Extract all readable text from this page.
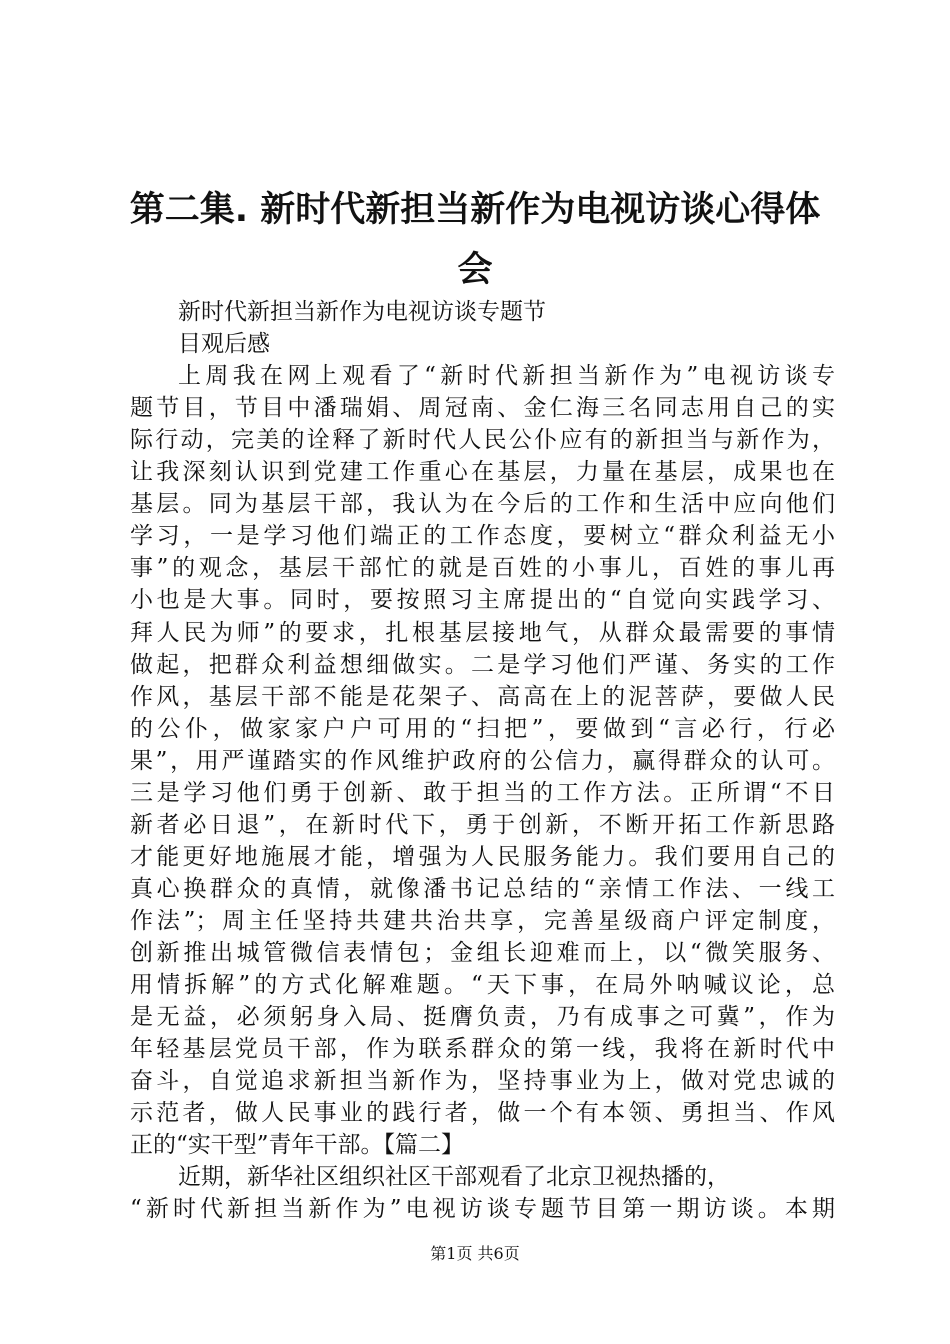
第二集. 新时代新担当新作为电视访谈心得体
会
新时代新担当新作为电视访谈专题节
目观后感
上周我在网上观看了“新时代新担当新作为”电视访谈专
题节目，节目中潘瑞娟、周冠南、金仁海三名同志用自己的实
际行动，完美的诠释了新时代人民公仆应有的新担当与新作为，
让我深刻认识到党建工作重心在基层，力量在基层，成果也在
基层。同为基层干部，我认为在今后的工作和生活中应向他们
学习，一是学习他们端正的工作态度，要树立“群众利益无小
事”的观念，基层干部忙的就是百姓的小事儿，百姓的事儿再
小也是大事。同时，要按照习主席提出的“自觉向实践学习、
拜人民为师”的要求，扎根基层接地气，从群众最需要的事情
做起，把群众利益想细做实。二是学习他们严谨、务实的工作
作风，基层干部不能是花架子、高高在上的泥菩萨，要做人民
的公仆，做家家户户可用的“扫把”，要做到“言必行，行必
果”，用严谨踏实的作风维护政府的公信力，赢得群众的认可。
三是学习他们勇于创新、敢于担当的工作方法。正所谓“不日
新者必日退”，在新时代下，勇于创新，不断开拓工作新思路
才能更好地施展才能，增强为人民服务能力。我们要用自己的
真心换群众的真情，就像潘书记总结的“亲情工作法、一线工
作法”；周主任坚持共建共治共享，完善星级商户评定制度，
创新推出城管微信表情包；金组长迎难而上，以“微笑服务、
用情拆解”的方式化解难题。“天下事，在局外呐喊议论，总
是无益，必须躬身入局、挺膺负责，乃有成事之可冀”，作为
年轻基层党员干部，作为联系群众的第一线，我将在新时代中
奋斗，自觉追求新担当新作为，坚持事业为上，做对党忠诚的
示范者，做人民事业的践行者，做一个有本领、勇担当、作风
正的“实干型”青年干部。【篇二】
近期，新华社区组织社区干部观看了北京卫视热播的，
“新时代新担当新作为”电视访谈专题节目第一期访谈。本期
第1页 共6页
